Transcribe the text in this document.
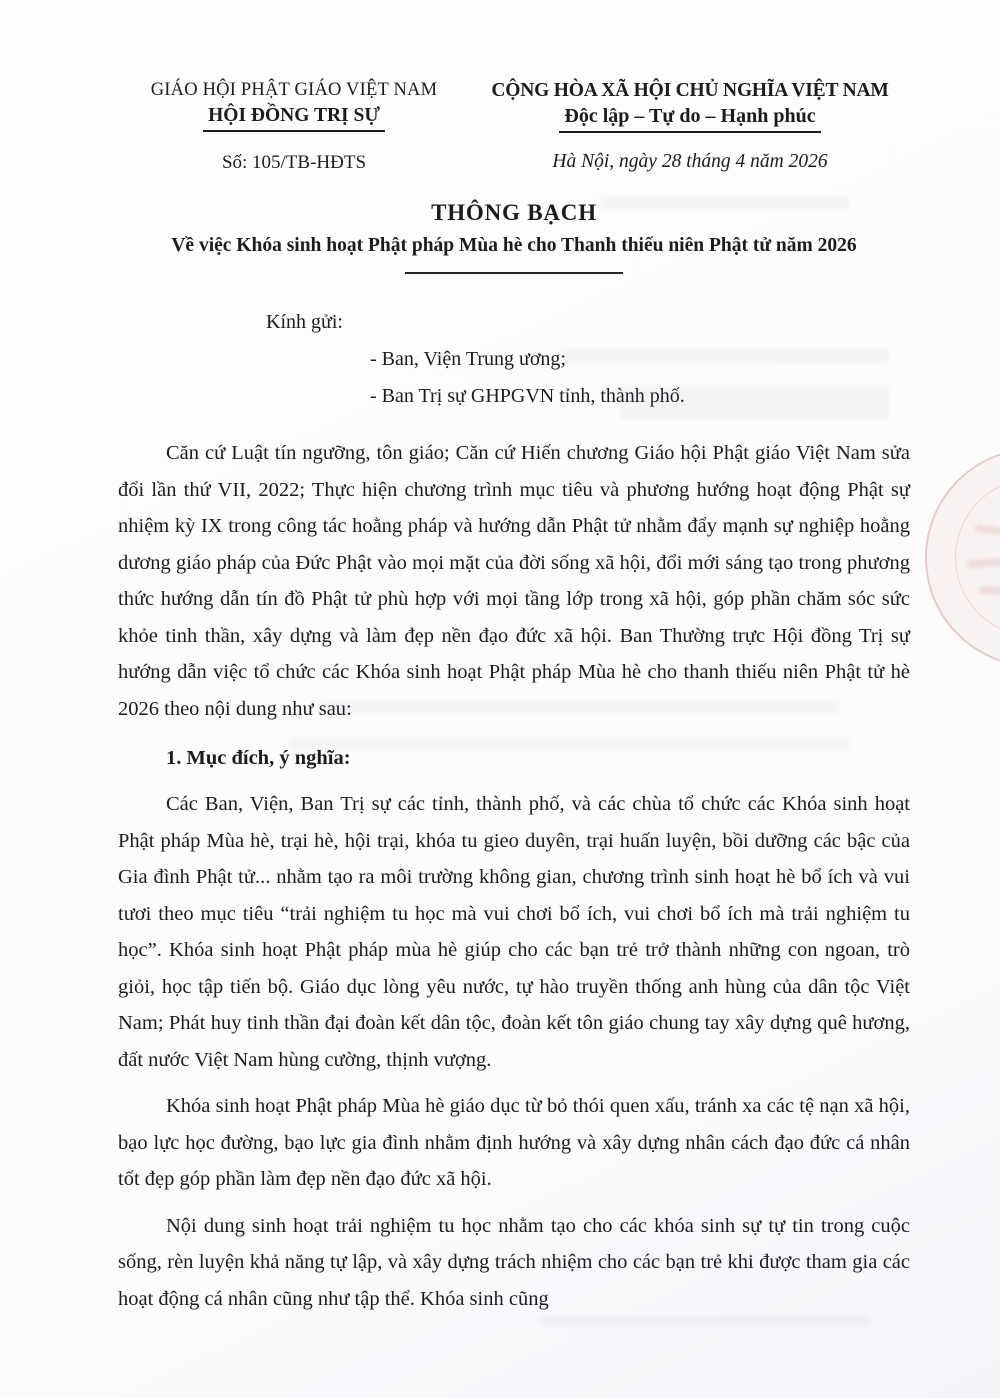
GIÁO HỘI PHẬT GIÁO VIỆT NAM
HỘI ĐỒNG TRỊ SỰ
Số: 105/TB-HĐTS
CỘNG HÒA XÃ HỘI CHỦ NGHĨA VIỆT NAM
Độc lập – Tự do – Hạnh phúc
Hà Nội, ngày 28 tháng 4 năm 2026
THÔNG BẠCH
Về việc Khóa sinh hoạt Phật pháp Mùa hè cho Thanh thiếu niên Phật tử năm 2026
Kính gửi:
- Ban, Viện Trung ương;
- Ban Trị sự GHPGVN tỉnh, thành phố.

Căn cứ Luật tín ngưỡng, tôn giáo; Căn cứ Hiến chương Giáo hội Phật giáo Việt Nam sửa đổi lần thứ VII, 2022; Thực hiện chương trình mục tiêu và phương hướng hoạt động Phật sự nhiệm kỳ IX trong công tác hoằng pháp và hướng dẫn Phật tử nhằm đẩy mạnh sự nghiệp hoằng dương giáo pháp của Đức Phật vào mọi mặt của đời sống xã hội, đổi mới sáng tạo trong phương thức hướng dẫn tín đồ Phật tử phù hợp với mọi tầng lớp trong xã hội, góp phần chăm sóc sức khỏe tinh thần, xây dựng và làm đẹp nền đạo đức xã hội. Ban Thường trực Hội đồng Trị sự hướng dẫn việc tổ chức các Khóa sinh hoạt Phật pháp Mùa hè cho thanh thiếu niên Phật tử hè 2026 theo nội dung như sau:

1. Mục đích, ý nghĩa:

Các Ban, Viện, Ban Trị sự các tỉnh, thành phố, và các chùa tổ chức các Khóa sinh hoạt Phật pháp Mùa hè, trại hè, hội trại, khóa tu gieo duyên, trại huấn luyện, bồi dưỡng các bậc của Gia đình Phật tử... nhằm tạo ra môi trường không gian, chương trình sinh hoạt hè bổ ích và vui tươi theo mục tiêu “trải nghiệm tu học mà vui chơi bổ ích, vui chơi bổ ích mà trải nghiệm tu học”. Khóa sinh hoạt Phật pháp mùa hè giúp cho các bạn trẻ trở thành những con ngoan, trò giỏi, học tập tiến bộ. Giáo dục lòng yêu nước, tự hào truyền thống anh hùng của dân tộc Việt Nam; Phát huy tinh thần đại đoàn kết dân tộc, đoàn kết tôn giáo chung tay xây dựng quê hương, đất nước Việt Nam hùng cường, thịnh vượng.

Khóa sinh hoạt Phật pháp Mùa hè giáo dục từ bỏ thói quen xấu, tránh xa các tệ nạn xã hội, bạo lực học đường, bạo lực gia đình nhằm định hướng và xây dựng nhân cách đạo đức cá nhân tốt đẹp góp phần làm đẹp nền đạo đức xã hội.

Nội dung sinh hoạt trải nghiệm tu học nhằm tạo cho các khóa sinh sự tự tin trong cuộc sống, rèn luyện khả năng tự lập, và xây dựng trách nhiệm cho các bạn trẻ khi được tham gia các hoạt động cá nhân cũng như tập thể. Khóa sinh cũng
